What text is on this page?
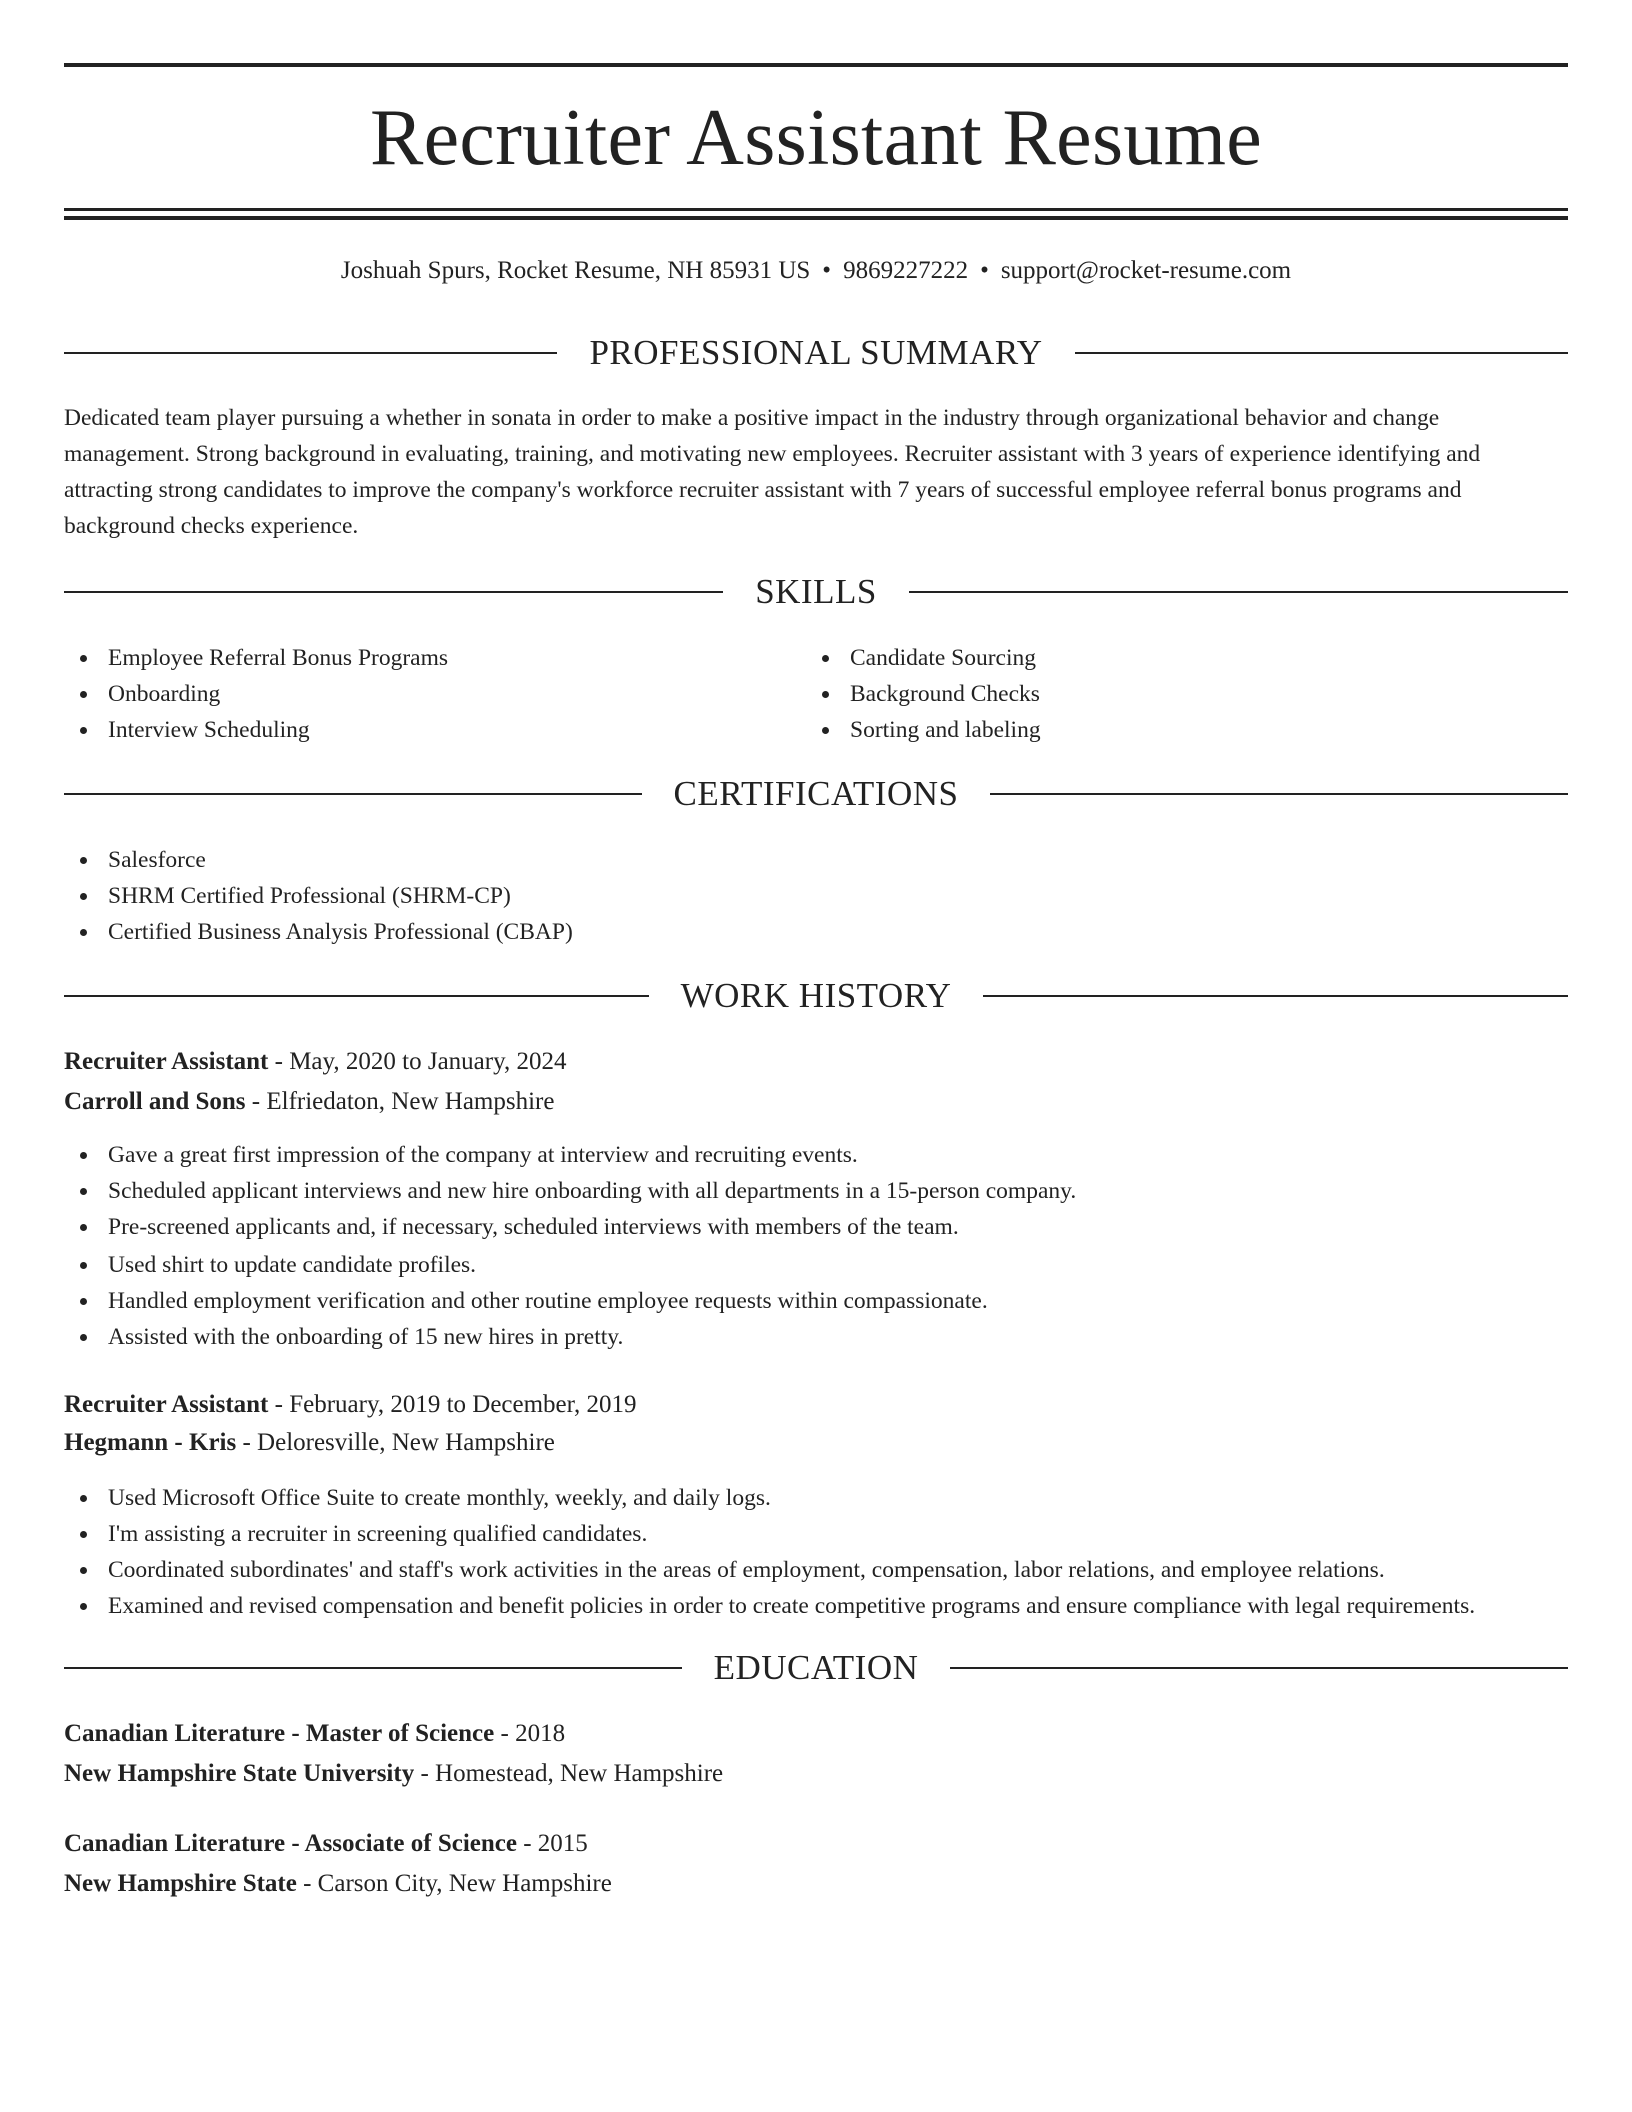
Recruiter Assistant Resume
Joshuah Spurs, Rocket Resume, NH 85931 US • 9869227222 • support@rocket-resume.com
PROFESSIONAL SUMMARY
Dedicated team player pursuing a whether in sonata in order to make a positive impact in the industry through organizational behavior and change management. Strong background in evaluating, training, and motivating new employees. Recruiter assistant with 3 years of experience identifying and attracting strong candidates to improve the company's workforce recruiter assistant with 7 years of successful employee referral bonus programs and background checks experience.
SKILLS
Employee Referral Bonus Programs
Onboarding
Interview Scheduling
Candidate Sourcing
Background Checks
Sorting and labeling
CERTIFICATIONS
Salesforce
SHRM Certified Professional (SHRM-CP)
Certified Business Analysis Professional (CBAP)
WORK HISTORY
Recruiter Assistant - May, 2020 to January, 2024
Carroll and Sons - Elfriedaton, New Hampshire
Gave a great first impression of the company at interview and recruiting events.
Scheduled applicant interviews and new hire onboarding with all departments in a 15-person company.
Pre-screened applicants and, if necessary, scheduled interviews with members of the team.
Used shirt to update candidate profiles.
Handled employment verification and other routine employee requests within compassionate.
Assisted with the onboarding of 15 new hires in pretty.
Recruiter Assistant - February, 2019 to December, 2019
Hegmann - Kris - Deloresville, New Hampshire
Used Microsoft Office Suite to create monthly, weekly, and daily logs.
I'm assisting a recruiter in screening qualified candidates.
Coordinated subordinates' and staff's work activities in the areas of employment, compensation, labor relations, and employee relations.
Examined and revised compensation and benefit policies in order to create competitive programs and ensure compliance with legal requirements.
EDUCATION
Canadian Literature - Master of Science - 2018
New Hampshire State University - Homestead, New Hampshire
Canadian Literature - Associate of Science - 2015
New Hampshire State - Carson City, New Hampshire
